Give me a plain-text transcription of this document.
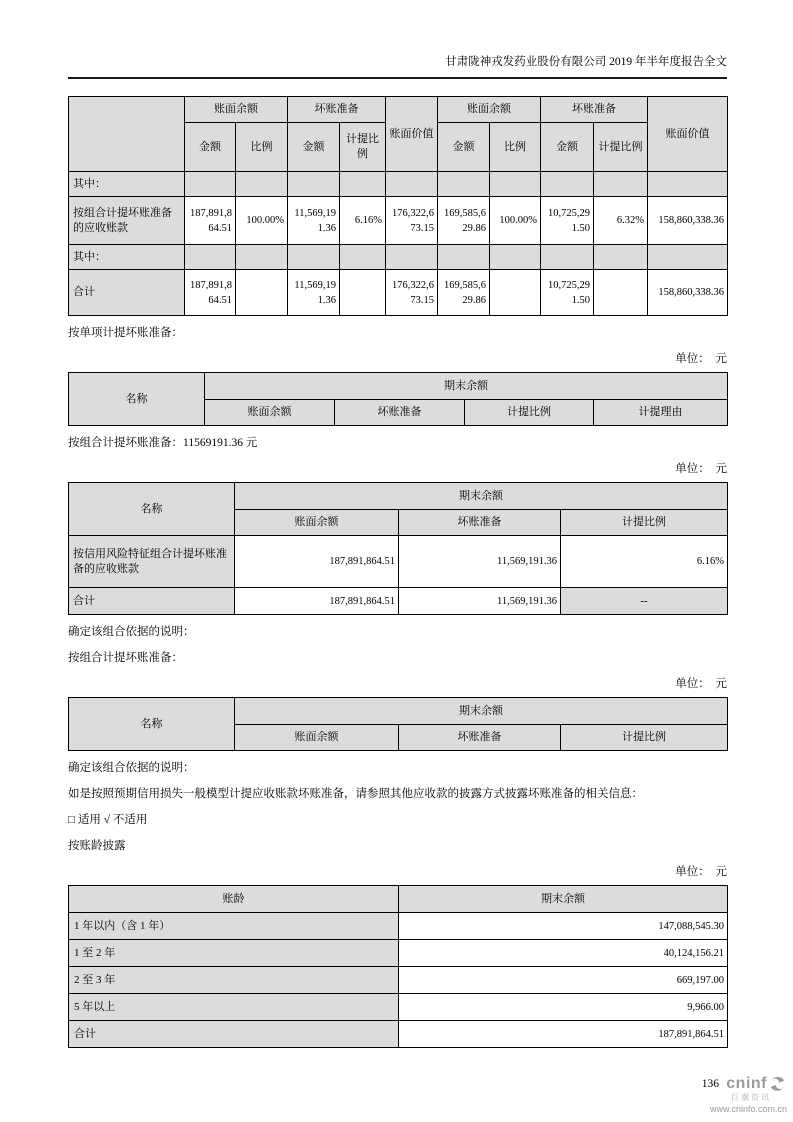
甘肃陇神戎发药业股份有限公司 2019 年半年度报告全文
	账面余额		坏账准备		账面价值	账面余额		坏账准备		账面价值
	金额	比例	金额	计提比例		金额	比例	金额	计提比例	
其中：										
按组合计提坏账准备的应收账款	187,891,864.51	100.00%	11,569,191.36	6.16%	176,322,673.15	169,585,629.86	100.00%	10,725,291.50	6.32%	158,860,338.36
其中：										
合计	187,891,864.51		11,569,191.36		176,322,673.15	169,585,629.86		10,725,291.50		158,860,338.36
按单项计提坏账准备：
单位：　元
名称	期末余额			
	账面余额	坏账准备	计提比例	计提理由
按组合计提坏账准备：11569191.36 元
单位：　元
名称	期末余额		
	账面余额	坏账准备	计提比例
按信用风险特征组合计提坏账准备的应收账款	187,891,864.51	11,569,191.36	6.16%
合计	187,891,864.51	11,569,191.36	--
确定该组合依据的说明：
按组合计提坏账准备：
单位：　元
名称	期末余额		
	账面余额	坏账准备	计提比例
确定该组合依据的说明：
如是按照预期信用损失一般模型计提应收账款坏账准备，请参照其他应收款的披露方式披露坏账准备的相关信息：
□ 适用 √ 不适用
按账龄披露
单位：　元
账龄	期末余额
1 年以内（含 1 年）	147,088,545.30
1 至 2 年	40,124,156.21
2 至 3 年	669,197.00
5 年以上	9,966.00
合计	187,891,864.51
136 cninf
巨潮资讯
www.cninfo.com.cn
